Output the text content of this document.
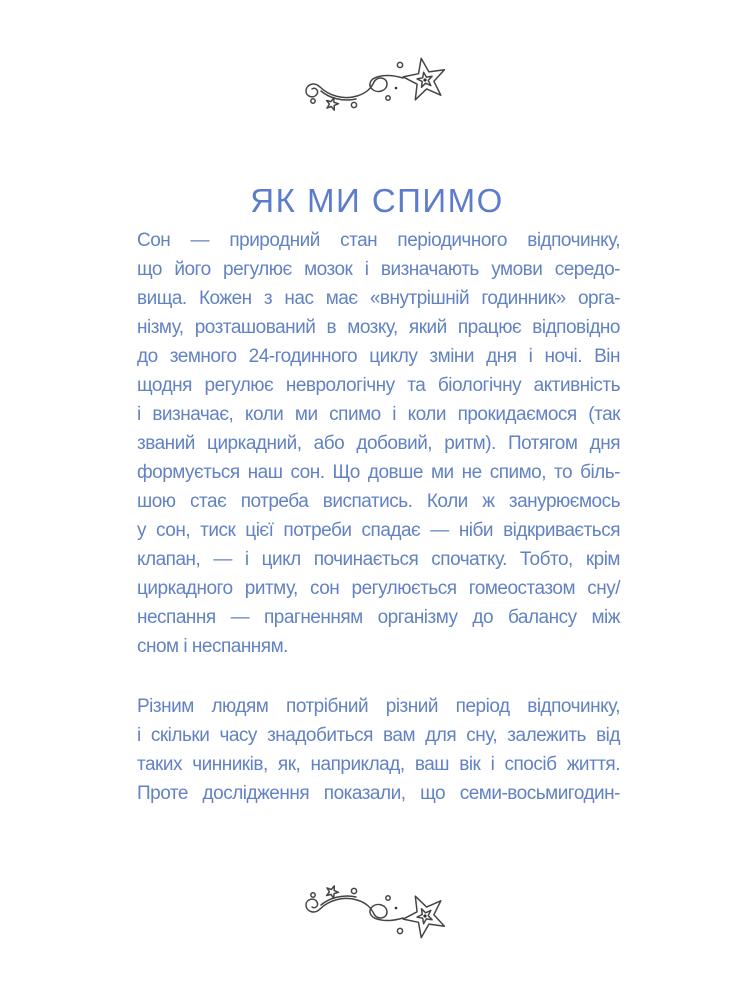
ЯК МИ СПИМО
Сон — природний стан періодичного відпочинку,
що його регулює мозок і визначають умови середо-
вища. Кожен з нас має «внутрішній годинник» орга-
нізму, розташований в мозку, який працює відповідно
до земного 24-годинного циклу зміни дня і ночі. Він
щодня регулює неврологічну та біологічну активність
і визначає, коли ми спимо і коли прокидаємося (так
званий циркадний, або добовий, ритм). Потягом дня
формується наш сон. Що довше ми не спимо, то біль-
шою стає потреба виспатись. Коли ж занурюємось
у сон, тиск цієї потреби спадає — ніби відкривається
клапан, — і цикл починається спочатку. Тобто, крім
циркадного ритму, сон регулюється гомеостазом сну/
неспання — прагненням організму до балансу між
сном і неспанням.
Різним людям потрібний різний період відпочинку,
і скільки часу знадобиться вам для сну, залежить від
таких чинників, як, наприклад, ваш вік і спосіб життя.
Проте дослідження показали, що семи-восьмигодин-
